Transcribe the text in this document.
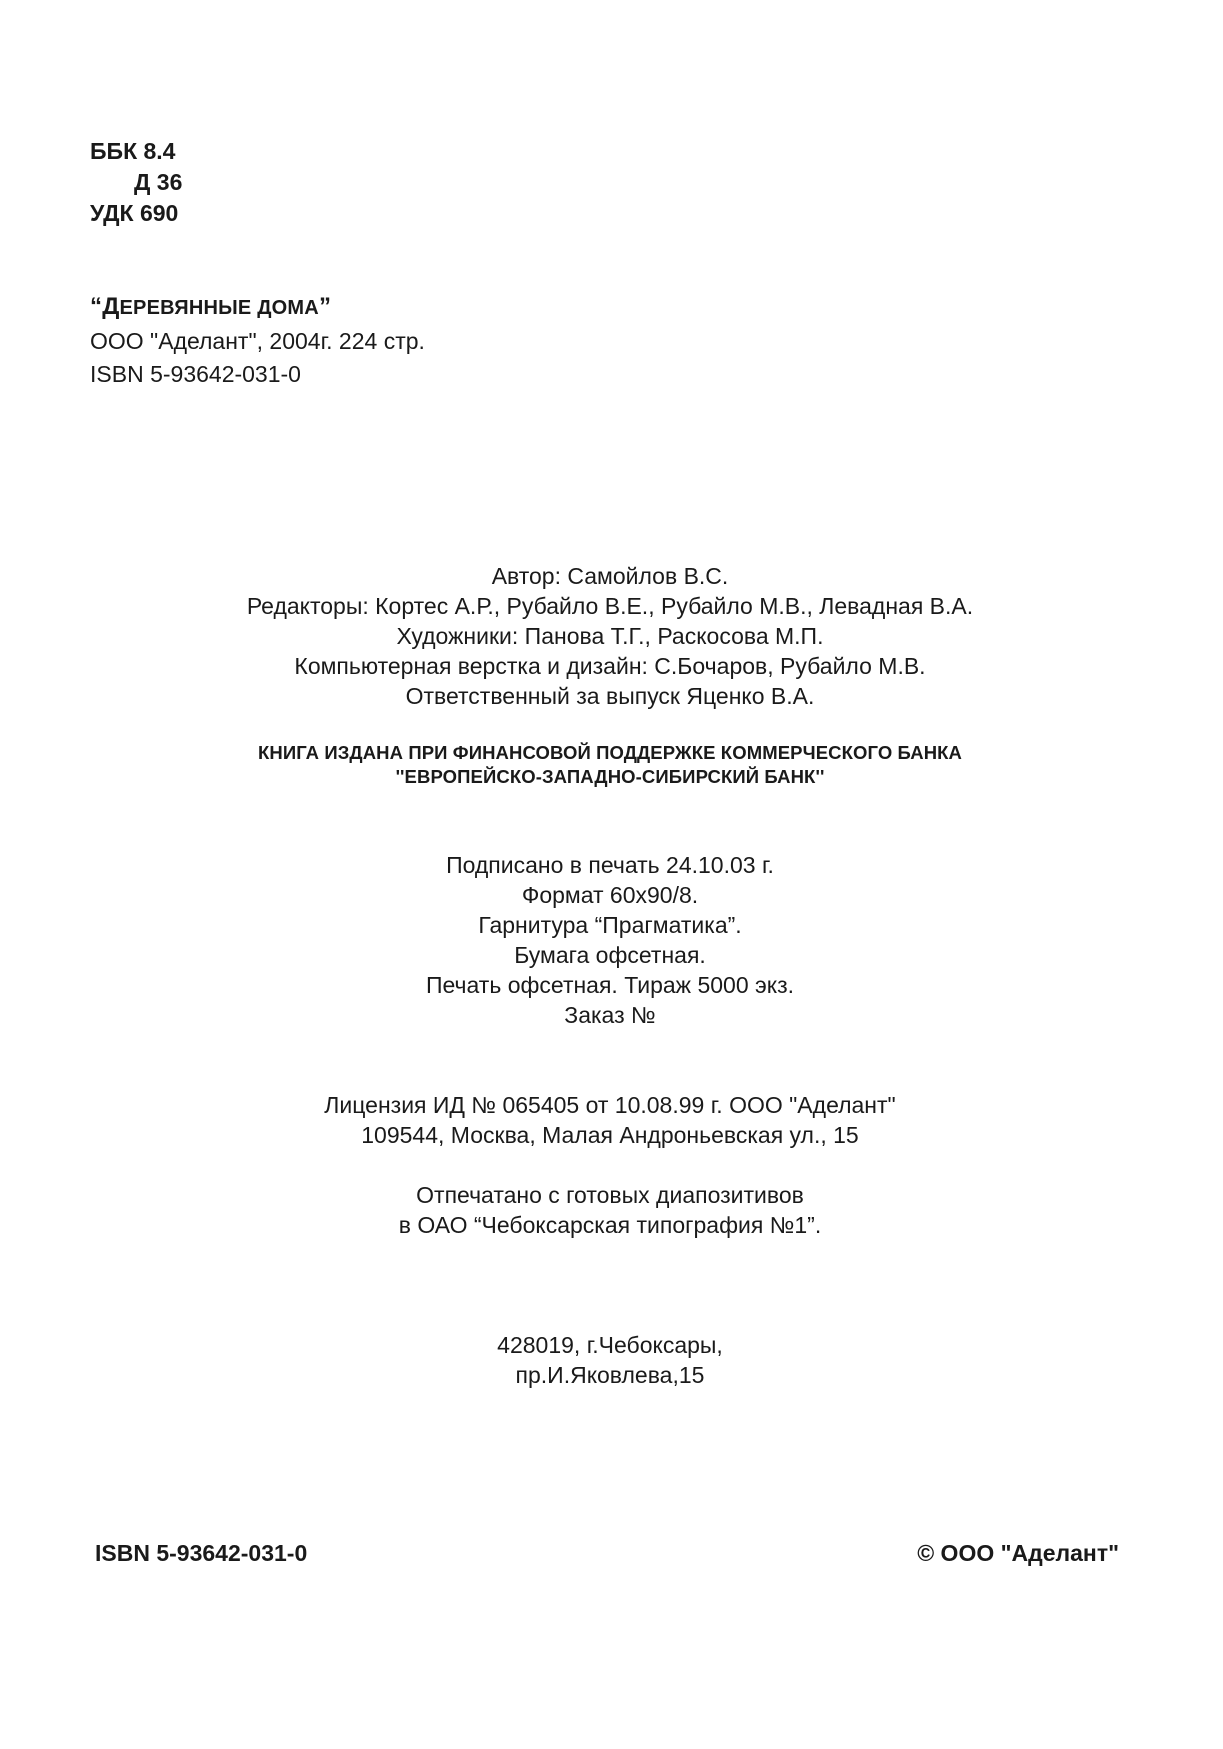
ББК 8.4
Д 36
УДК 690
“ДЕРЕВЯННЫЕ ДОМА”
ООО "Аделант", 2004г. 224 стр.
ISBN 5-93642-031-0
Автор: Самойлов В.С.
Редакторы: Кортес А.Р., Рубайло В.Е., Рубайло М.В., Левадная В.А.
Художники: Панова Т.Г., Раскосова М.П.
Компьютерная верстка и дизайн: С.Бочаров, Рубайло М.В.
Ответственный за выпуск Яценко В.А.
КНИГА ИЗДАНА ПРИ ФИНАНСОВОЙ ПОДДЕРЖКЕ КОММЕРЧЕСКОГО БАНКА
''ЕВРОПЕЙСКО-ЗАПАДНО-СИБИРСКИЙ БАНК''
Подписано в печать 24.10.03 г.
Формат 60х90/8.
Гарнитура “Прагматика”.
Бумага офсетная.
Печать офсетная. Тираж 5000 экз.
Заказ №
Лицензия ИД № 065405 от 10.08.99 г. ООО "Аделант"
109544, Москва, Малая Андроньевская ул., 15
Отпечатано с готовых диапозитивов
в ОАО “Чебоксарская типография №1”.
428019, г.Чебоксары,
пр.И.Яковлева,15
ISBN 5-93642-031-0	© ООО "Аделант"
